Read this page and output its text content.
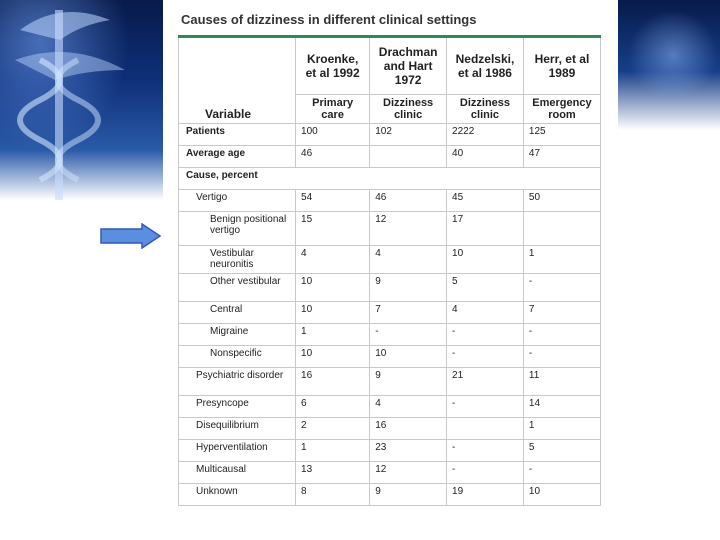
Causes of dizziness in different clinical settings
Variable	Kroenke, et al 1992	Drachman and Hart 1972	Nedzelski, et al 1986	Herr, et al 1989
	Primary care	Dizziness clinic	Dizziness clinic	Emergency room
Patients	100	102	2222	125
Average age	46		40	47
Cause, percent				
Vertigo	54	46	45	50
Benign positional vertigo	15	12	17	
Vestibular neuronitis	4	4	10	1
Other vestibular	10	9	5	-
Central	10	7	4	7
Migraine	1	-	-	-
Nonspecific	10	10	-	-
Psychiatric disorder	16	9	21	11
Presyncope	6	4	-	14
Disequilibrium	2	16		1
Hyperventilation	1	23	-	5
Multicausal	13	12	-	-
Unknown	8	9	19	10
